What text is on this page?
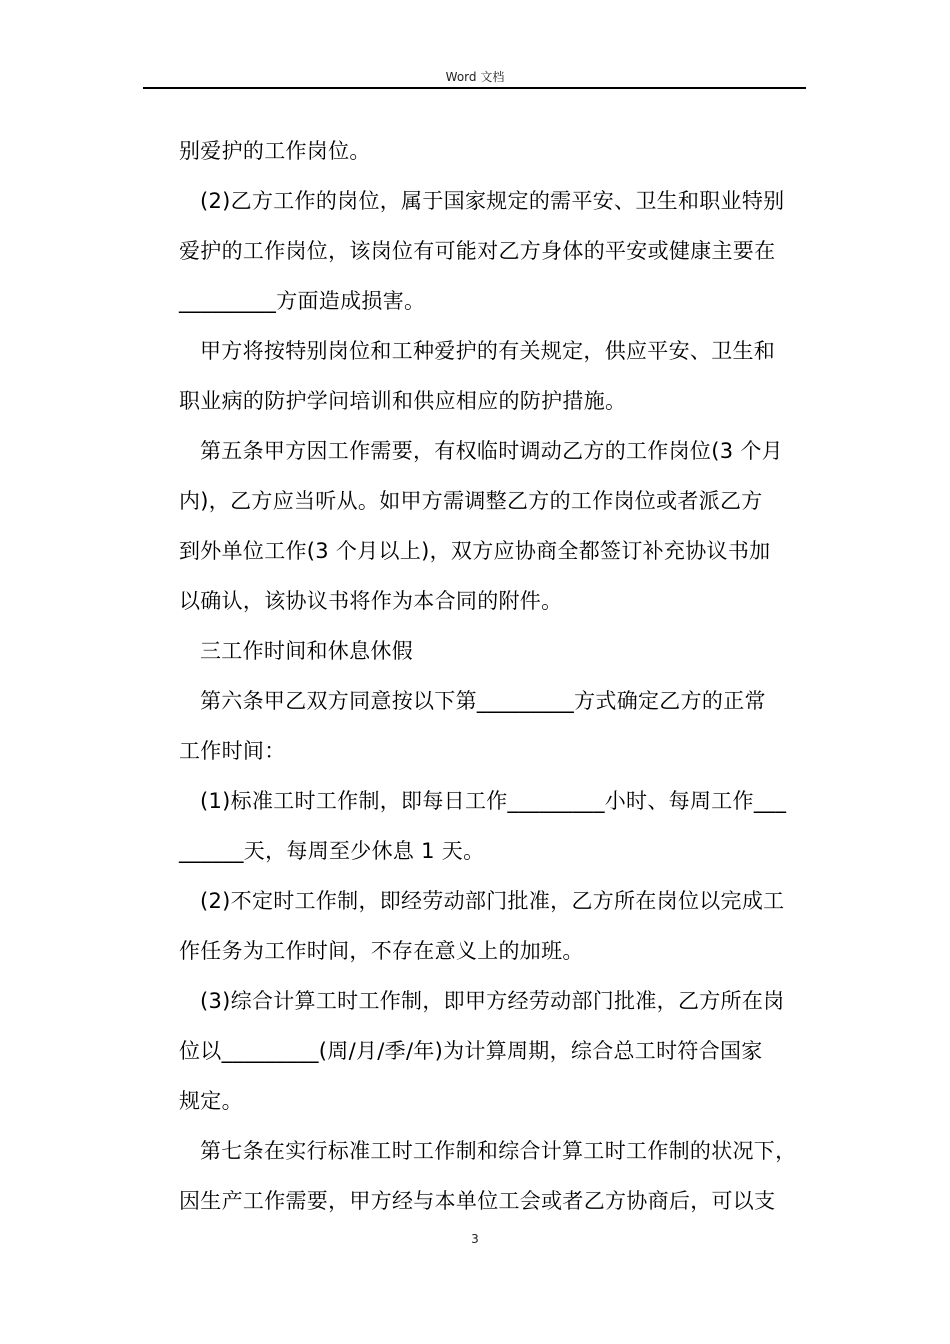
Word 文档
别爱护的工作岗位。
(2)乙方工作的岗位，属于国家规定的需平安、卫生和职业特别
爱护的工作岗位，该岗位有可能对乙方身体的平安或健康主要在
_________方面造成损害。
甲方将按特别岗位和工种爱护的有关规定，供应平安、卫生和
职业病的防护学问培训和供应相应的防护措施。
第五条甲方因工作需要，有权临时调动乙方的工作岗位(3 个月
内)，乙方应当听从。如甲方需调整乙方的工作岗位或者派乙方
到外单位工作(3 个月以上)，双方应协商全都签订补充协议书加
以确认，该协议书将作为本合同的附件。
三工作时间和休息休假
第六条甲乙双方同意按以下第_________方式确定乙方的正常
工作时间：
(1)标准工时工作制，即每日工作_________小时、每周工作___
______天，每周至少休息 1 天。
(2)不定时工作制，即经劳动部门批准，乙方所在岗位以完成工
作任务为工作时间，不存在意义上的加班。
(3)综合计算工时工作制，即甲方经劳动部门批准，乙方所在岗
位以_________(周/月/季/年)为计算周期，综合总工时符合国家
规定。
第七条在实行标准工时工作制和综合计算工时工作制的状况下，
因生产工作需要，甲方经与本单位工会或者乙方协商后，可以支
3
